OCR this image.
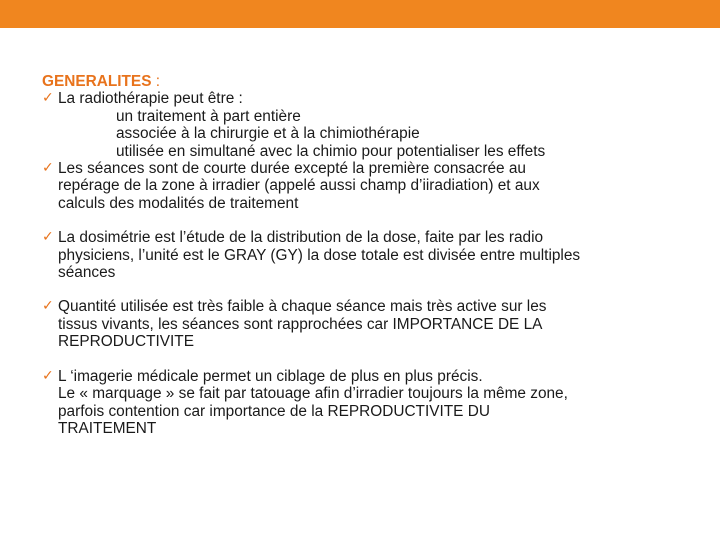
GENERALITES :

✓ La radiothérapie peut être :
un traitement à part entière
associée à la chirurgie et à la chimiothérapie
utilisée en simultané avec la chimio pour potentialiser les effets
✓ Les séances sont de courte durée excepté la première consacrée au
repérage de la zone à irradier (appelé aussi champ d’iiradiation) et aux
calculs des modalités de traitement
✓ La dosimétrie est l’étude de la distribution de la dose, faite par les radio
physiciens, l’unité est le GRAY (GY) la dose totale est divisée entre multiples
séances
✓ Quantité utilisée est très faible à chaque séance mais très active sur les
tissus vivants, les séances sont rapprochées car IMPORTANCE DE LA
REPRODUCTIVITE
✓ L ‘imagerie médicale permet un ciblage de plus en plus précis.
Le « marquage » se fait par tatouage afin d’irradier toujours la même zone,
parfois contention car importance de la REPRODUCTIVITE DU
TRAITEMENT
